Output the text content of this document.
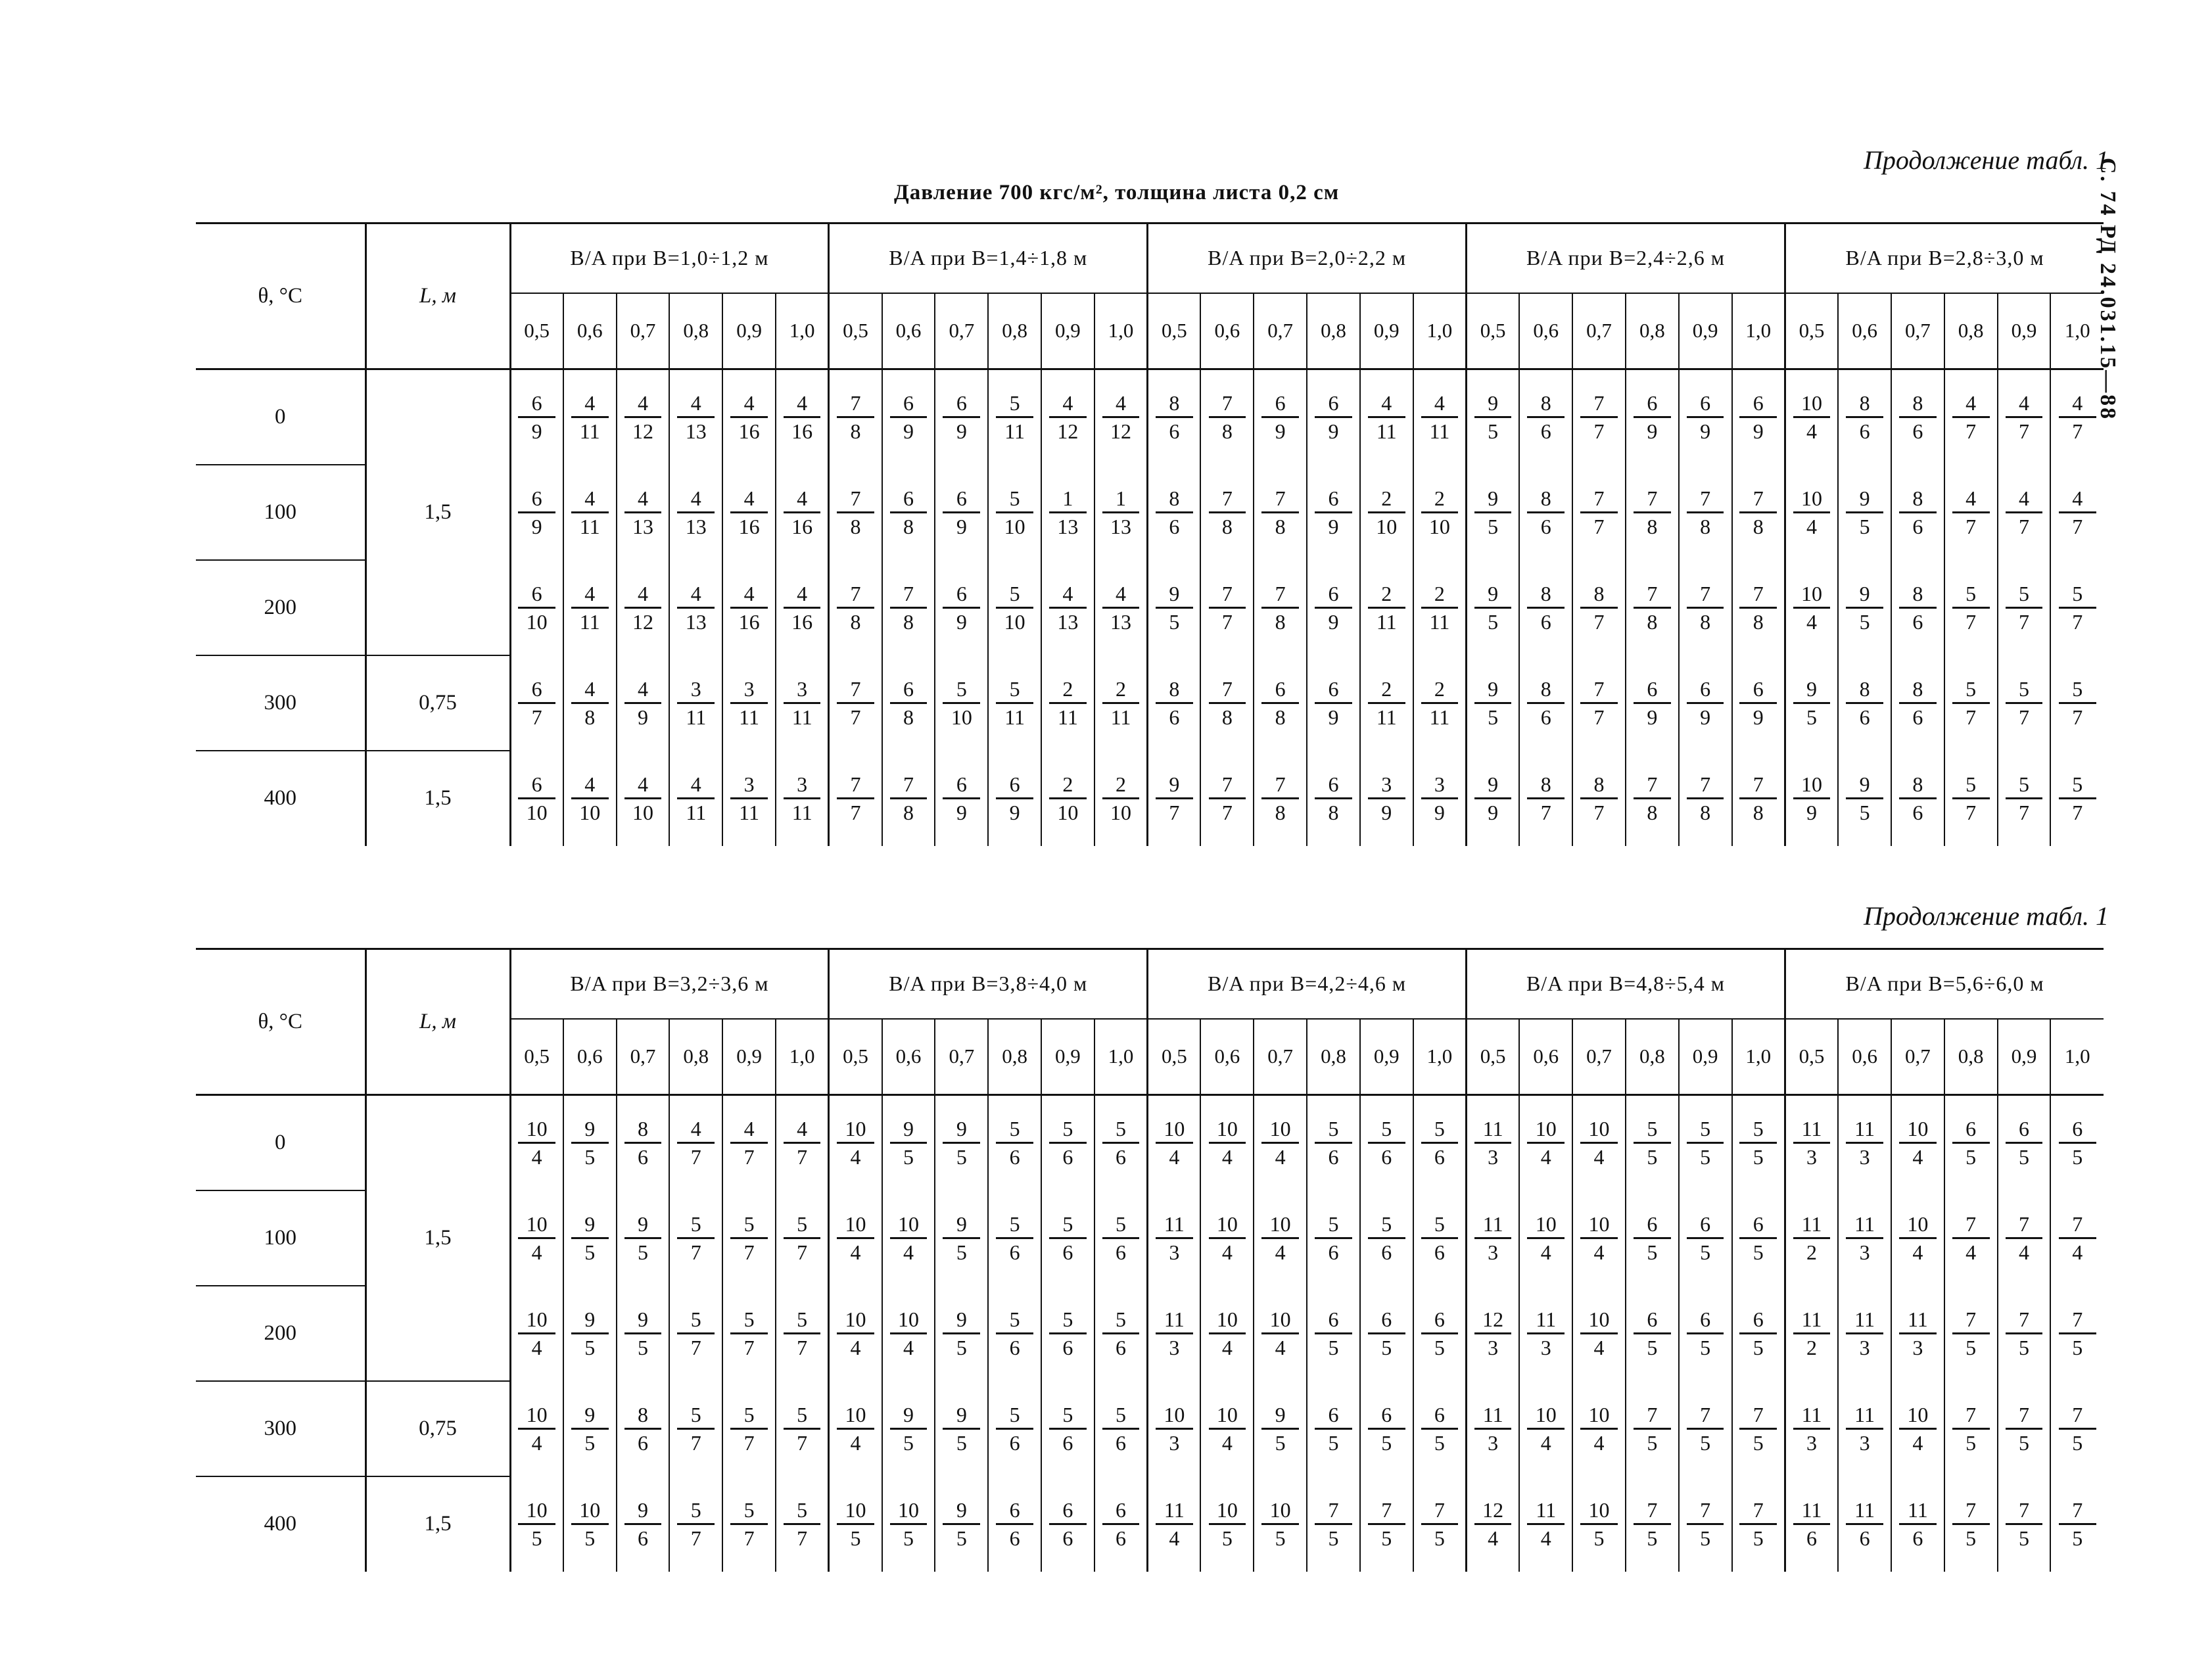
Продолжение табл. 1
Давление 700 кгс/м², толщина листа 0,2 см	С. 74 РД 24.031.15—88
θ, °C	L, м	B/A при B=1,0÷1,2 м						B/A при B=1,4÷1,8 м						B/A при B=2,0÷2,2 м						B/A при B=2,4÷2,6 м						B/A при B=2,8÷3,0 м					
		0,5	0,6	0,7	0,8	0,9	1,0	0,5	0,6	0,7	0,8	0,9	1,0	0,5	0,6	0,7	0,8	0,9	1,0	0,5	0,6	0,7	0,8	0,9	1,0	0,5	0,6	0,7	0,8	0,9	1,0
0	1,5	$\frac{6}{9}$	$\frac{4}{11}$	$\frac{4}{12}$	$\frac{4}{13}$	$\frac{4}{16}$	$\frac{4}{16}$	$\frac{7}{8}$	$\frac{6}{9}$	$\frac{6}{9}$	$\frac{5}{11}$	$\frac{4}{12}$	$\frac{4}{12}$	$\frac{8}{6}$	$\frac{7}{8}$	$\frac{6}{9}$	$\frac{6}{9}$	$\frac{4}{11}$	$\frac{4}{11}$	$\frac{9}{5}$	$\frac{8}{6}$	$\frac{7}{7}$	$\frac{6}{9}$	$\frac{6}{9}$	$\frac{6}{9}$	$\frac{10}{4}$	$\frac{8}{6}$	$\frac{8}{6}$	$\frac{4}{7}$	$\frac{4}{7}$	$\frac{4}{7}$

100		$\frac{6}{9}$	$\frac{4}{11}$	$\frac{4}{13}$	$\frac{4}{13}$	$\frac{4}{16}$	$\frac{4}{16}$	$\frac{7}{8}$	$\frac{6}{8}$	$\frac{6}{9}$	$\frac{5}{10}$	$\frac{1}{13}$	$\frac{1}{13}$	$\frac{8}{6}$	$\frac{7}{8}$	$\frac{7}{8}$	$\frac{6}{9}$	$\frac{2}{10}$	$\frac{2}{10}$	$\frac{9}{5}$	$\frac{8}{6}$	$\frac{7}{7}$	$\frac{7}{8}$	$\frac{7}{8}$	$\frac{7}{8}$	$\frac{10}{4}$	$\frac{9}{5}$	$\frac{8}{6}$	$\frac{4}{7}$	$\frac{4}{7}$	$\frac{4}{7}$

200		$\frac{6}{10}$	$\frac{4}{11}$	$\frac{4}{12}$	$\frac{4}{13}$	$\frac{4}{16}$	$\frac{4}{16}$	$\frac{7}{8}$	$\frac{7}{8}$	$\frac{6}{9}$	$\frac{5}{10}$	$\frac{4}{13}$	$\frac{4}{13}$	$\frac{9}{5}$	$\frac{7}{7}$	$\frac{7}{8}$	$\frac{6}{9}$	$\frac{2}{11}$	$\frac{2}{11}$	$\frac{9}{5}$	$\frac{8}{6}$	$\frac{8}{7}$	$\frac{7}{8}$	$\frac{7}{8}$	$\frac{7}{8}$	$\frac{10}{4}$	$\frac{9}{5}$	$\frac{8}{6}$	$\frac{5}{7}$	$\frac{5}{7}$	$\frac{5}{7}$

300	0,75	$\frac{6}{7}$	$\frac{4}{8}$	$\frac{4}{9}$	$\frac{3}{11}$	$\frac{3}{11}$	$\frac{3}{11}$	$\frac{7}{7}$	$\frac{6}{8}$	$\frac{5}{10}$	$\frac{5}{11}$	$\frac{2}{11}$	$\frac{2}{11}$	$\frac{8}{6}$	$\frac{7}{8}$	$\frac{6}{8}$	$\frac{6}{9}$	$\frac{2}{11}$	$\frac{2}{11}$	$\frac{9}{5}$	$\frac{8}{6}$	$\frac{7}{7}$	$\frac{6}{9}$	$\frac{6}{9}$	$\frac{6}{9}$	$\frac{9}{5}$	$\frac{8}{6}$	$\frac{8}{6}$	$\frac{5}{7}$	$\frac{5}{7}$	$\frac{5}{7}$

400	1,5	$\frac{6}{10}$	$\frac{4}{10}$	$\frac{4}{10}$	$\frac{4}{11}$	$\frac{3}{11}$	$\frac{3}{11}$	$\frac{7}{7}$	$\frac{7}{8}$	$\frac{6}{9}$	$\frac{6}{9}$	$\frac{2}{10}$	$\frac{2}{10}$	$\frac{9}{7}$	$\frac{7}{7}$	$\frac{7}{8}$	$\frac{6}{8}$	$\frac{3}{9}$	$\frac{3}{9}$	$\frac{9}{9}$	$\frac{8}{7}$	$\frac{8}{7}$	$\frac{7}{8}$	$\frac{7}{8}$	$\frac{7}{8}$	$\frac{10}{9}$	$\frac{9}{5}$	$\frac{8}{6}$	$\frac{5}{7}$	$\frac{5}{7}$	$\frac{5}{7}$
Продолжение табл. 1
θ, °C	L, м	B/A при B=3,2÷3,6 м						B/A при B=3,8÷4,0 м						B/A при B=4,2÷4,6 м						B/A при B=4,8÷5,4 м						B/A при B=5,6÷6,0 м					
		0,5	0,6	0,7	0,8	0,9	1,0	0,5	0,6	0,7	0,8	0,9	1,0	0,5	0,6	0,7	0,8	0,9	1,0	0,5	0,6	0,7	0,8	0,9	1,0	0,5	0,6	0,7	0,8	0,9	1,0
0	1,5	$\frac{10}{4}$	$\frac{9}{5}$	$\frac{8}{6}$	$\frac{4}{7}$	$\frac{4}{7}$	$\frac{4}{7}$	$\frac{10}{4}$	$\frac{9}{5}$	$\frac{9}{5}$	$\frac{5}{6}$	$\frac{5}{6}$	$\frac{5}{6}$	$\frac{10}{4}$	$\frac{10}{4}$	$\frac{10}{4}$	$\frac{5}{6}$	$\frac{5}{6}$	$\frac{5}{6}$	$\frac{11}{3}$	$\frac{10}{4}$	$\frac{10}{4}$	$\frac{5}{5}$	$\frac{5}{5}$	$\frac{5}{5}$	$\frac{11}{3}$	$\frac{11}{3}$	$\frac{10}{4}$	$\frac{6}{5}$	$\frac{6}{5}$	$\frac{6}{5}$

100		$\frac{10}{4}$	$\frac{9}{5}$	$\frac{9}{5}$	$\frac{5}{7}$	$\frac{5}{7}$	$\frac{5}{7}$	$\frac{10}{4}$	$\frac{10}{4}$	$\frac{9}{5}$	$\frac{5}{6}$	$\frac{5}{6}$	$\frac{5}{6}$	$\frac{11}{3}$	$\frac{10}{4}$	$\frac{10}{4}$	$\frac{5}{6}$	$\frac{5}{6}$	$\frac{5}{6}$	$\frac{11}{3}$	$\frac{10}{4}$	$\frac{10}{4}$	$\frac{6}{5}$	$\frac{6}{5}$	$\frac{6}{5}$	$\frac{11}{2}$	$\frac{11}{3}$	$\frac{10}{4}$	$\frac{7}{4}$	$\frac{7}{4}$	$\frac{7}{4}$

200		$\frac{10}{4}$	$\frac{9}{5}$	$\frac{9}{5}$	$\frac{5}{7}$	$\frac{5}{7}$	$\frac{5}{7}$	$\frac{10}{4}$	$\frac{10}{4}$	$\frac{9}{5}$	$\frac{5}{6}$	$\frac{5}{6}$	$\frac{5}{6}$	$\frac{11}{3}$	$\frac{10}{4}$	$\frac{10}{4}$	$\frac{6}{5}$	$\frac{6}{5}$	$\frac{6}{5}$	$\frac{12}{3}$	$\frac{11}{3}$	$\frac{10}{4}$	$\frac{6}{5}$	$\frac{6}{5}$	$\frac{6}{5}$	$\frac{11}{2}$	$\frac{11}{3}$	$\frac{11}{3}$	$\frac{7}{5}$	$\frac{7}{5}$	$\frac{7}{5}$

300	0,75	$\frac{10}{4}$	$\frac{9}{5}$	$\frac{8}{6}$	$\frac{5}{7}$	$\frac{5}{7}$	$\frac{5}{7}$	$\frac{10}{4}$	$\frac{9}{5}$	$\frac{9}{5}$	$\frac{5}{6}$	$\frac{5}{6}$	$\frac{5}{6}$	$\frac{10}{3}$	$\frac{10}{4}$	$\frac{9}{5}$	$\frac{6}{5}$	$\frac{6}{5}$	$\frac{6}{5}$	$\frac{11}{3}$	$\frac{10}{4}$	$\frac{10}{4}$	$\frac{7}{5}$	$\frac{7}{5}$	$\frac{7}{5}$	$\frac{11}{3}$	$\frac{11}{3}$	$\frac{10}{4}$	$\frac{7}{5}$	$\frac{7}{5}$	$\frac{7}{5}$

400	1,5	$\frac{10}{5}$	$\frac{10}{5}$	$\frac{9}{6}$	$\frac{5}{7}$	$\frac{5}{7}$	$\frac{5}{7}$	$\frac{10}{5}$	$\frac{10}{5}$	$\frac{9}{5}$	$\frac{6}{6}$	$\frac{6}{6}$	$\frac{6}{6}$	$\frac{11}{4}$	$\frac{10}{5}$	$\frac{10}{5}$	$\frac{7}{5}$	$\frac{7}{5}$	$\frac{7}{5}$	$\frac{12}{4}$	$\frac{11}{4}$	$\frac{10}{5}$	$\frac{7}{5}$	$\frac{7}{5}$	$\frac{7}{5}$	$\frac{11}{6}$	$\frac{11}{6}$	$\frac{11}{6}$	$\frac{7}{5}$	$\frac{7}{5}$	$\frac{7}{5}$
